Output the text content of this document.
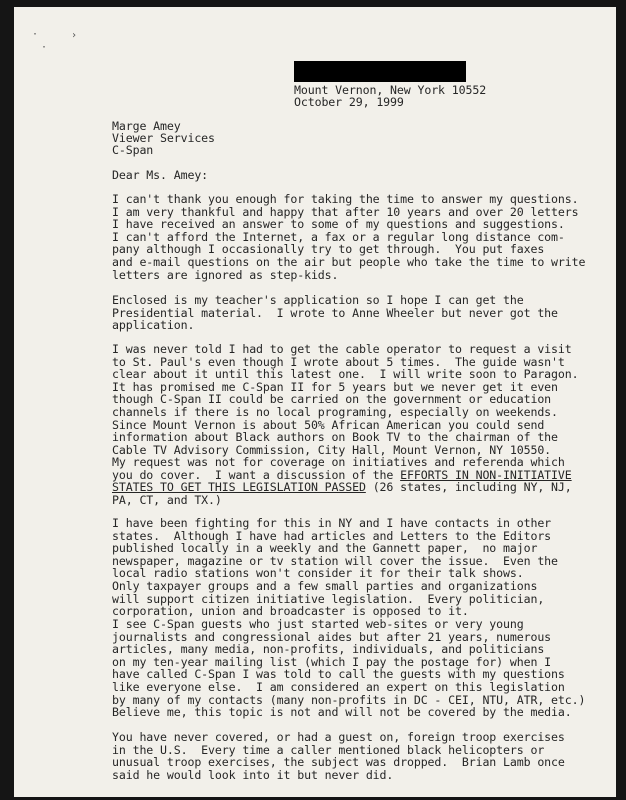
·
·
›
Mount Vernon, New York 10552
October 29, 1999
Marge Amey
Viewer Services
C-Span
Dear Ms. Amey:
I can't thank you enough for taking the time to answer my questions.
I am very thankful and happy that after 10 years and over 20 letters
I have received an answer to some of my questions and suggestions.
I can't afford the Internet, a fax or a regular long distance com-
pany although I occasionally try to get through.  You put faxes
and e-mail questions on the air but people who take the time to write
letters are ignored as step-kids.
Enclosed is my teacher's application so I hope I can get the
Presidential material.  I wrote to Anne Wheeler but never got the
application.
I was never told I had to get the cable operator to request a visit
to St. Paul's even though I wrote about 5 times.  The guide wasn't
clear about it until this latest one.  I will write soon to Paragon.
It has promised me C-Span II for 5 years but we never get it even
though C-Span II could be carried on the government or education
channels if there is no local programing, especially on weekends.
Since Mount Vernon is about 50% African American you could send
information about Black authors on Book TV to the chairman of the
Cable TV Advisory Commission, City Hall, Mount Vernon, NY 10550.
My request was not for coverage on initiatives and referenda which
you do cover.  I want a discussion of the EFFORTS IN NON-INITIATIVE
STATES TO GET THIS LEGISLATION PASSED (26 states, including NY, NJ,
PA, CT, and TX.)
I have been fighting for this in NY and I have contacts in other
states.  Although I have had articles and Letters to the Editors
published locally in a weekly and the Gannett paper,  no major
newspaper, magazine or tv station will cover the issue.  Even the
local radio stations won't consider it for their talk shows.
Only taxpayer groups and a few small parties and organizations
will support citizen initiative legislation.  Every politician,
corporation, union and broadcaster is opposed to it.
I see C-Span guests who just started web-sites or very young
journalists and congressional aides but after 21 years, numerous
articles, many media, non-profits, individuals, and politicians
on my ten-year mailing list (which I pay the postage for) when I
have called C-Span I was told to call the guests with my questions
like everyone else.  I am considered an expert on this legislation
by many of my contacts (many non-profits in DC - CEI, NTU, ATR, etc.)
Believe me, this topic is not and will not be covered by the media.
You have never covered, or had a guest on, foreign troop exercises
in the U.S.  Every time a caller mentioned black helicopters or
unusual troop exercises, the subject was dropped.  Brian Lamb once
said he would look into it but never did.
